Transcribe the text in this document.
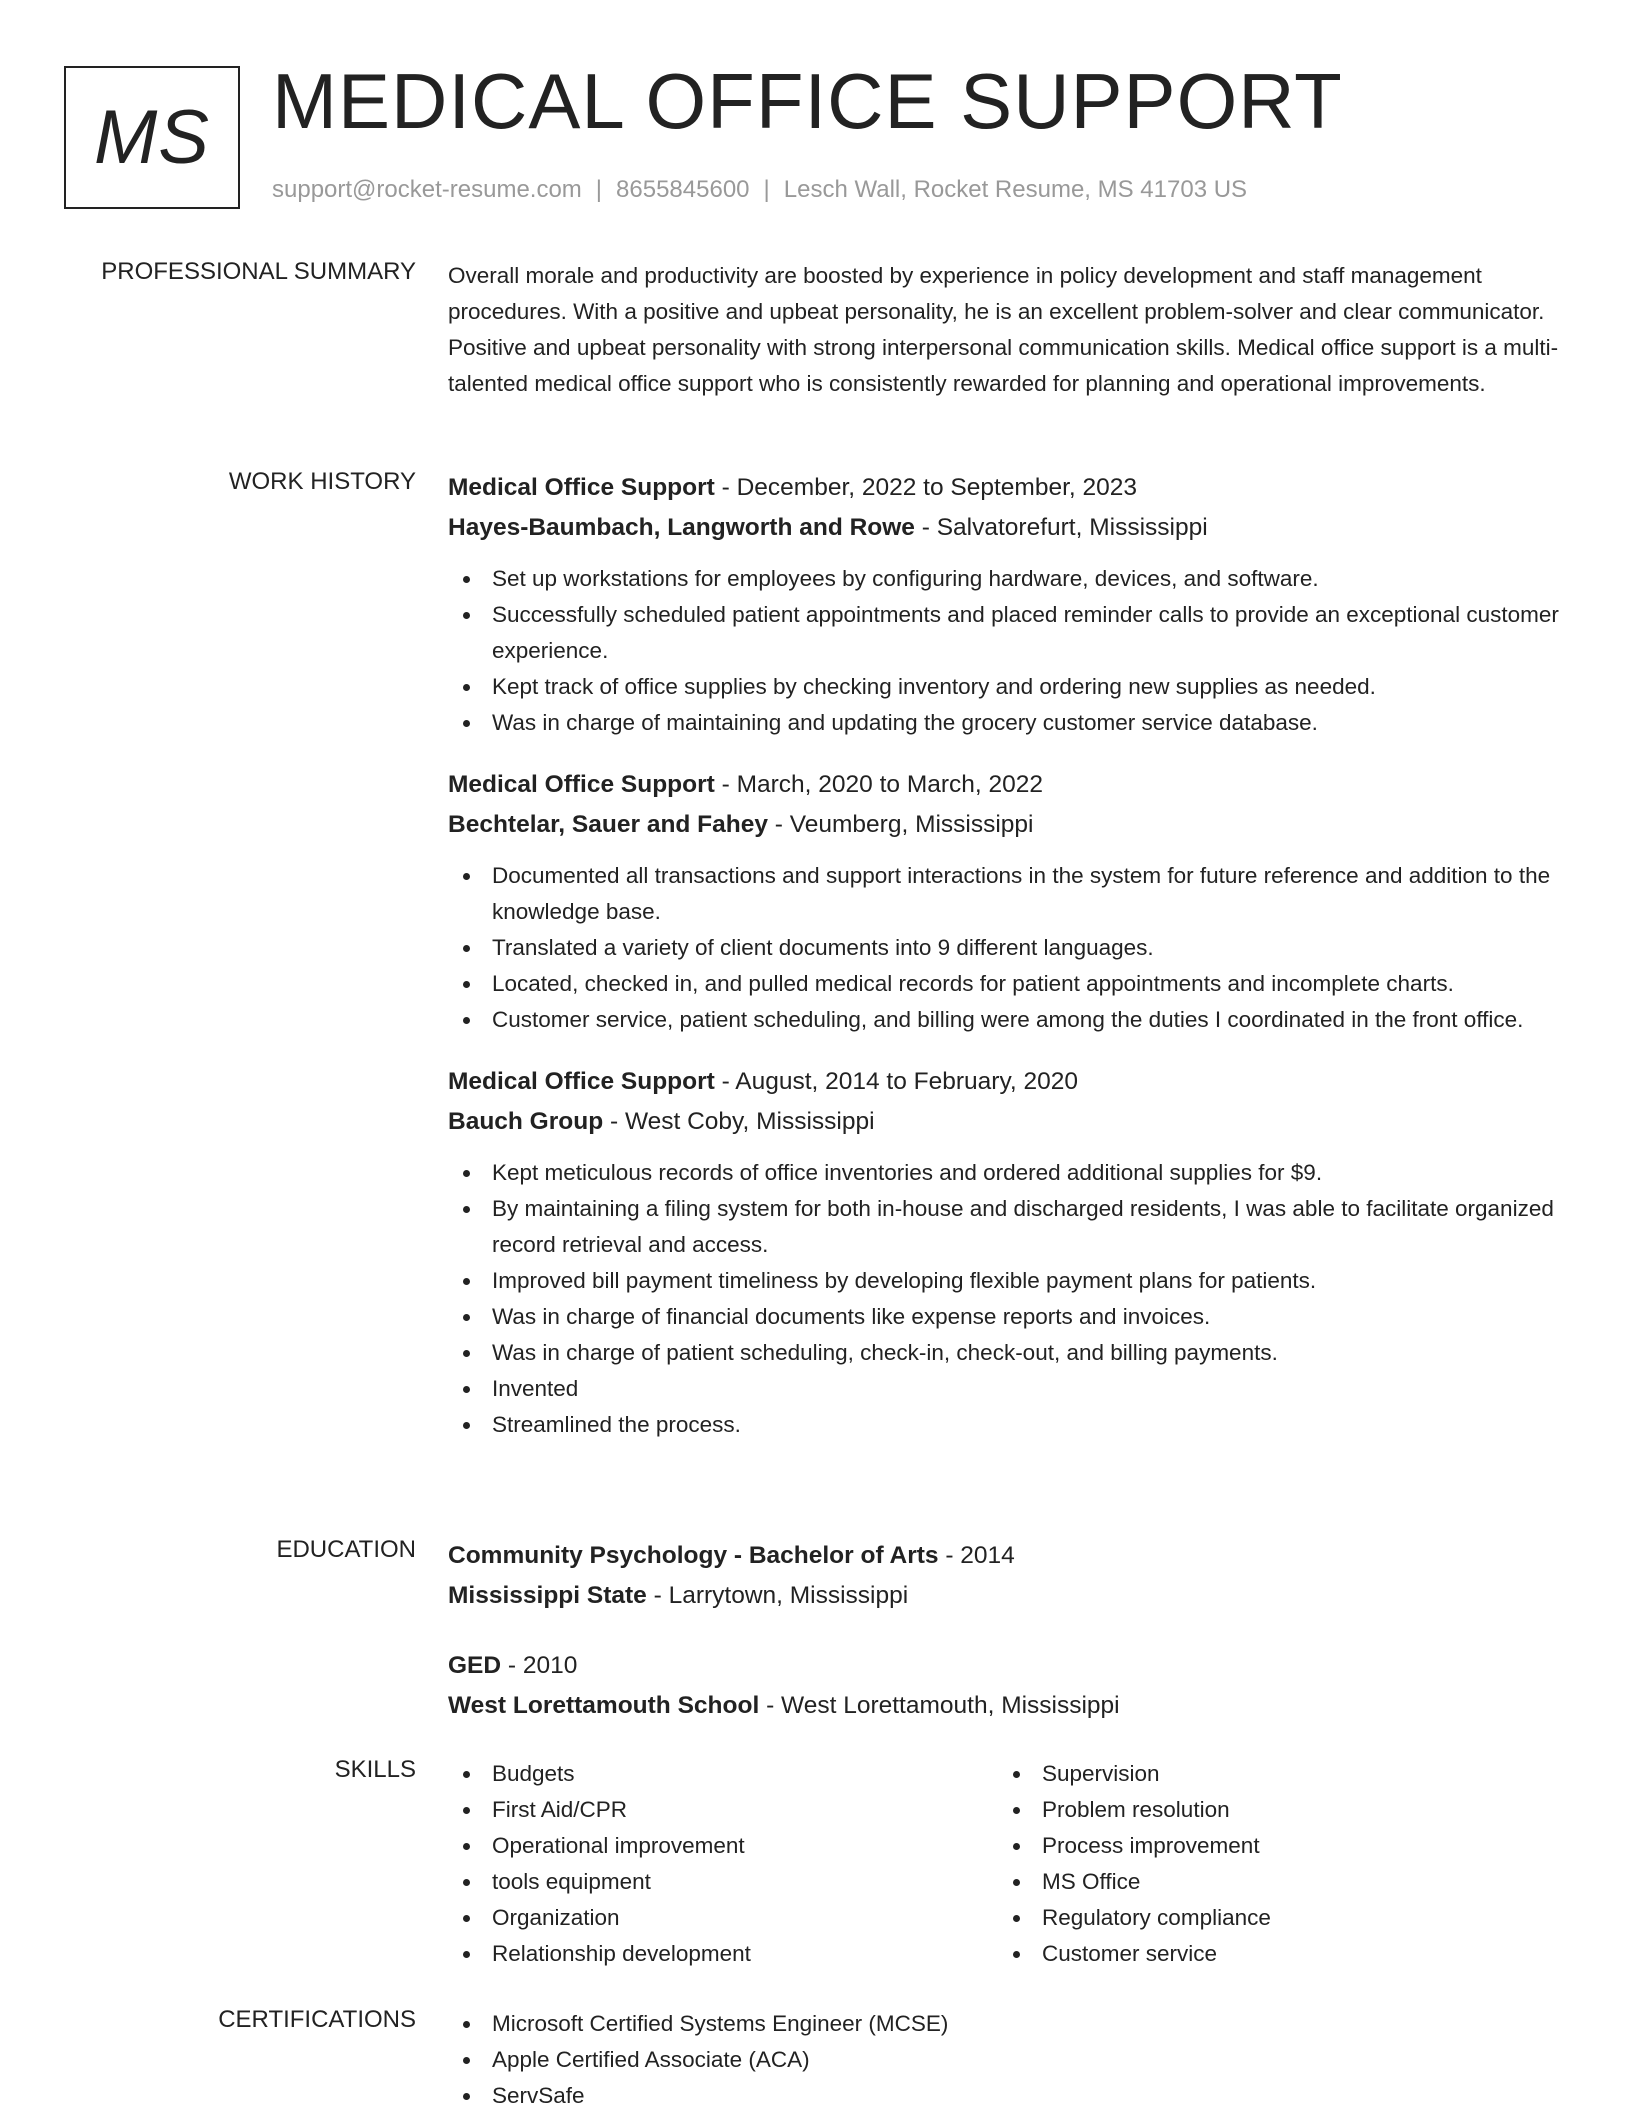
MS MEDICAL OFFICE SUPPORT
support@rocket-resume.com | 8655845600 | Lesch Wall, Rocket Resume, MS 41703 US
PROFESSIONAL SUMMARY Overall morale and productivity are boosted by experience in policy development and staff management procedures. With a positive and upbeat personality, he is an excellent problem-solver and clear communicator. Positive and upbeat personality with strong interpersonal communication skills. Medical office support is a multi-talented medical office support who is consistently rewarded for planning and operational improvements.
WORK HISTORY Medical Office Support - December, 2022 to September, 2023
Hayes-Baumbach, Langworth and Rowe - Salvatorefurt, Mississippi
Set up workstations for employees by configuring hardware, devices, and software.
Successfully scheduled patient appointments and placed reminder calls to provide an exceptional customer experience.
Kept track of office supplies by checking inventory and ordering new supplies as needed.
Was in charge of maintaining and updating the grocery customer service database.
Medical Office Support - March, 2020 to March, 2022
Bechtelar, Sauer and Fahey - Veumberg, Mississippi
Documented all transactions and support interactions in the system for future reference and addition to the knowledge base.
Translated a variety of client documents into 9 different languages.
Located, checked in, and pulled medical records for patient appointments and incomplete charts.
Customer service, patient scheduling, and billing were among the duties I coordinated in the front office.
Medical Office Support - August, 2014 to February, 2020
Bauch Group - West Coby, Mississippi
Kept meticulous records of office inventories and ordered additional supplies for $9.
By maintaining a filing system for both in-house and discharged residents, I was able to facilitate organized record retrieval and access.
Improved bill payment timeliness by developing flexible payment plans for patients.
Was in charge of financial documents like expense reports and invoices.
Was in charge of patient scheduling, check-in, check-out, and billing payments.
Invented
Streamlined the process.
EDUCATION Community Psychology - Bachelor of Arts - 2014
Mississippi State - Larrytown, Mississippi
GED - 2010
West Lorettamouth School - West Lorettamouth, Mississippi
SKILLS	Budgets
First Aid/CPR
Operational improvement
tools equipment
Organization
Relationship development
Supervision
Problem resolution
Process improvement
MS Office
Regulatory compliance
Customer service
CERTIFICATIONS	Microsoft Certified Systems Engineer (MCSE)
Apple Certified Associate (ACA)
ServSafe
